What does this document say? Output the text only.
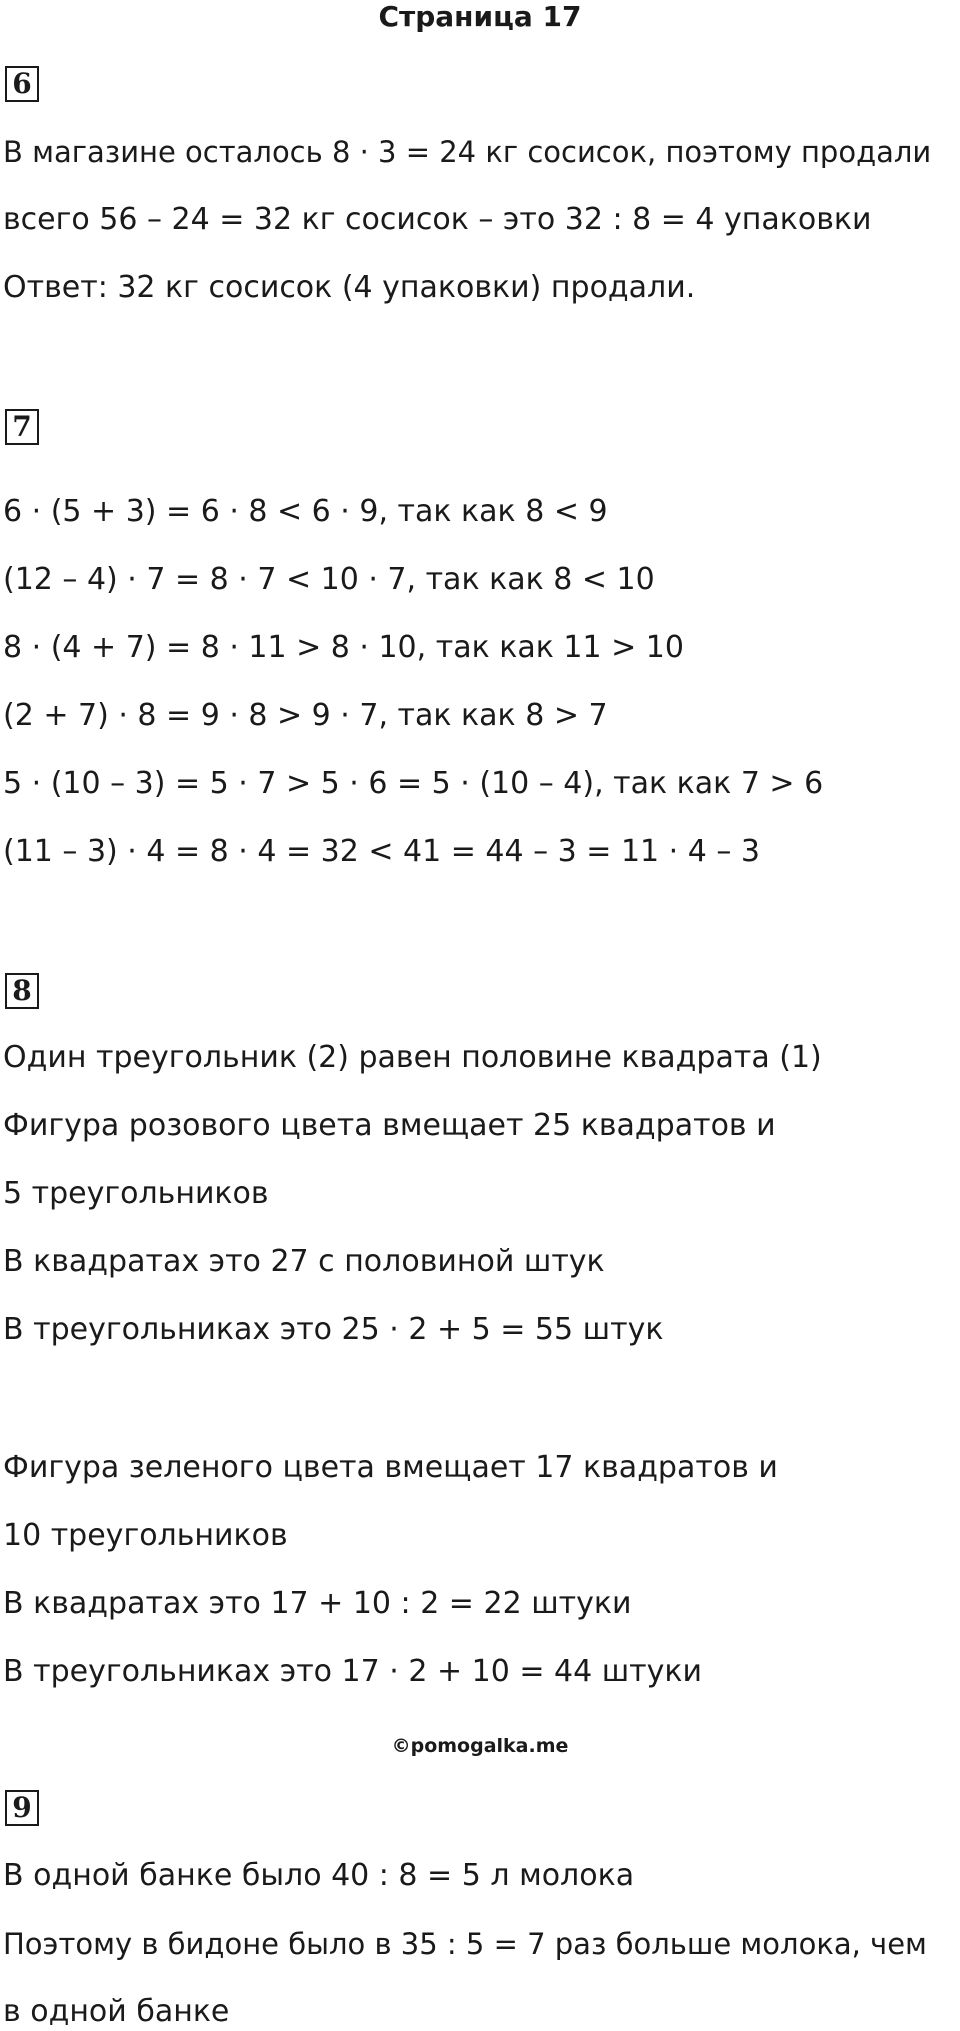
Страница 17
6
В магазине осталось 8 · 3 = 24 кг сосисок, поэтому продали
всего 56 – 24 = 32 кг сосисок – это 32 : 8 = 4 упаковки
Ответ: 32 кг сосисок (4 упаковки) продали.
7
6 · (5 + 3) = 6 · 8 < 6 · 9, так как 8 < 9
(12 – 4) · 7 = 8 · 7 < 10 · 7, так как 8 < 10
8 · (4 + 7) = 8 · 11 > 8 · 10, так как 11 > 10
(2 + 7) · 8 = 9 · 8 > 9 · 7, так как 8 > 7
5 · (10 – 3) = 5 · 7 > 5 · 6 = 5 · (10 – 4), так как 7 > 6
(11 – 3) · 4 = 8 · 4 = 32 < 41 = 44 – 3 = 11 · 4 – 3
8
Один треугольник (2) равен половине квадрата (1)
Фигура розового цвета вмещает 25 квадратов и
5 треугольников
В квадратах это 27 с половиной штук
В треугольниках это 25 · 2 + 5 = 55 штук
Фигура зеленого цвета вмещает 17 квадратов и
10 треугольников
В квадратах это 17 + 10 : 2 = 22 штуки
В треугольниках это 17 · 2 + 10 = 44 штуки
©pomogalka.me
9
В одной банке было 40 : 8 = 5 л молока
Поэтому в бидоне было в 35 : 5 = 7 раз больше молока, чем
в одной банке
